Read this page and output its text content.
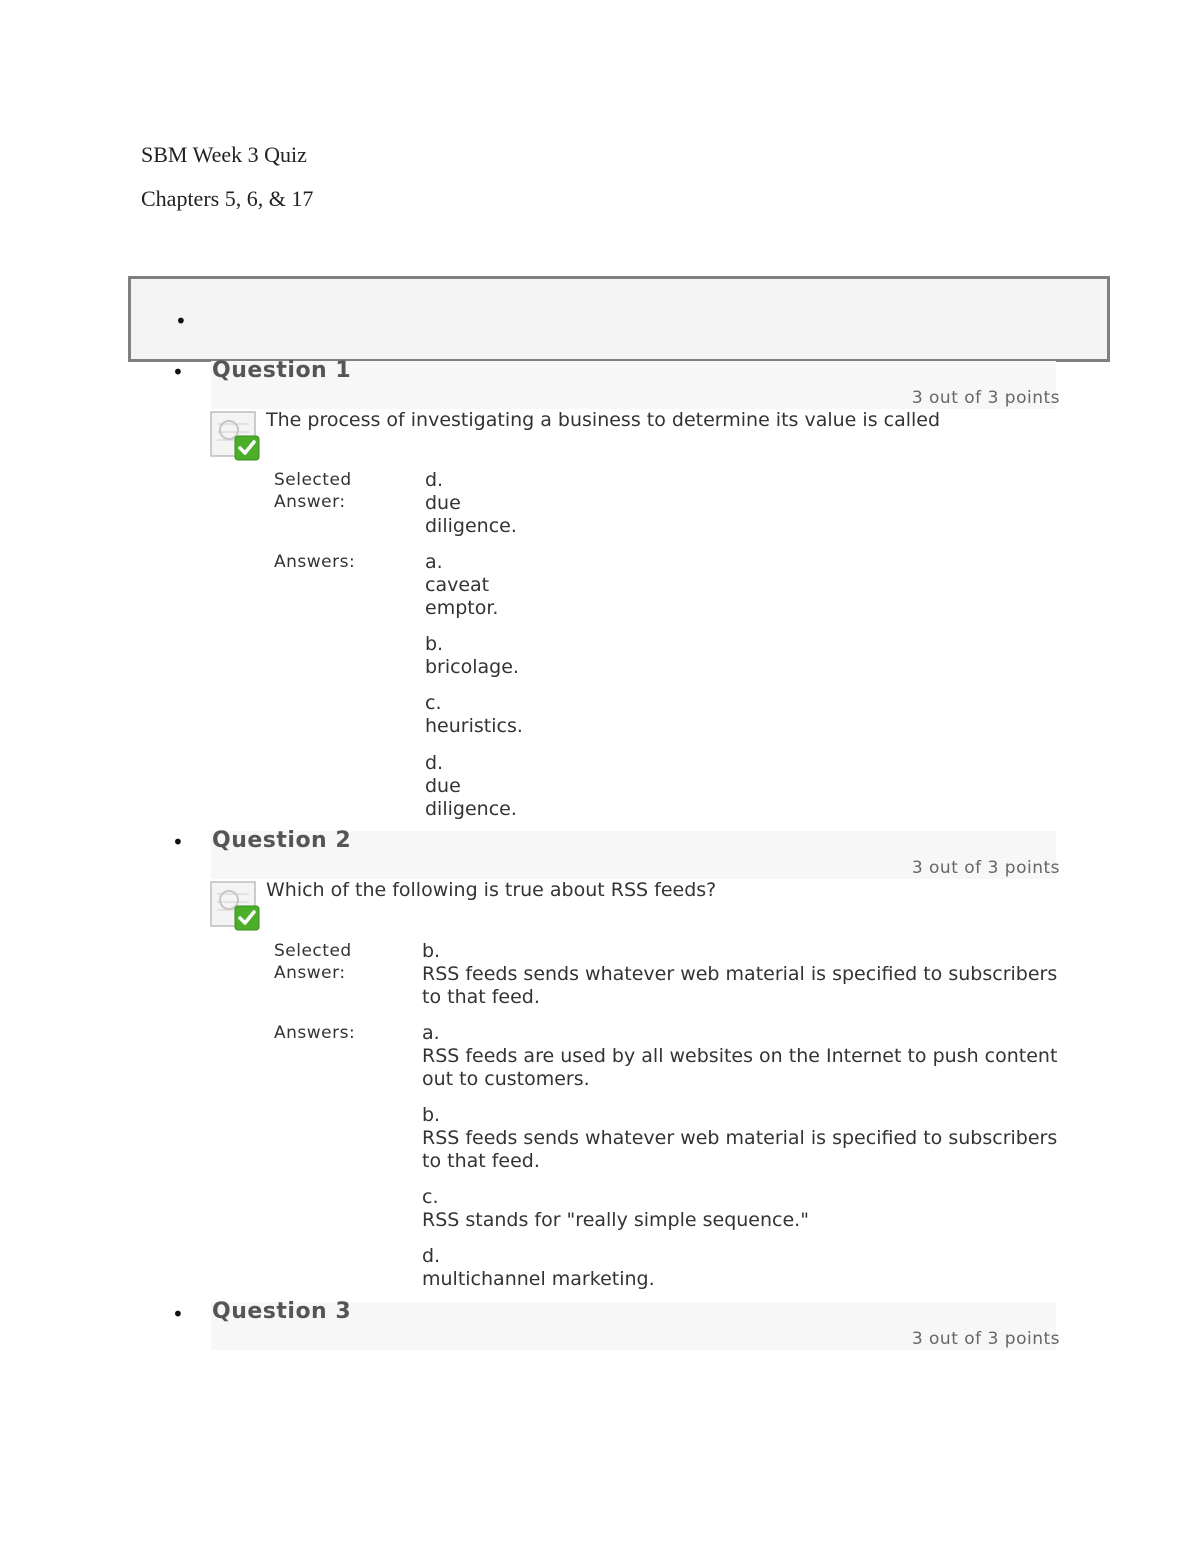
SBM Week 3 Quiz
Chapters 5, 6, & 17
•
• Question 1
3 out of 3 points
The process of investigating a business to determine its value is called
Selected
Answer:
d.
due
diligence.
Answers:	a.
caveat
emptor.
b.
bricolage.
c.
heuristics.
d.
due
diligence.
• Question 2
3 out of 3 points
Which of the following is true about RSS feeds?
Selected
Answer:
b.
RSS feeds sends whatever web material is specified to subscribers
to that feed.
Answers:	a.
RSS feeds are used by all websites on the Internet to push content
out to customers.
b.
RSS feeds sends whatever web material is specified to subscribers
to that feed.
c.
RSS stands for "really simple sequence."
d.
multichannel marketing.
• Question 3
3 out of 3 points
